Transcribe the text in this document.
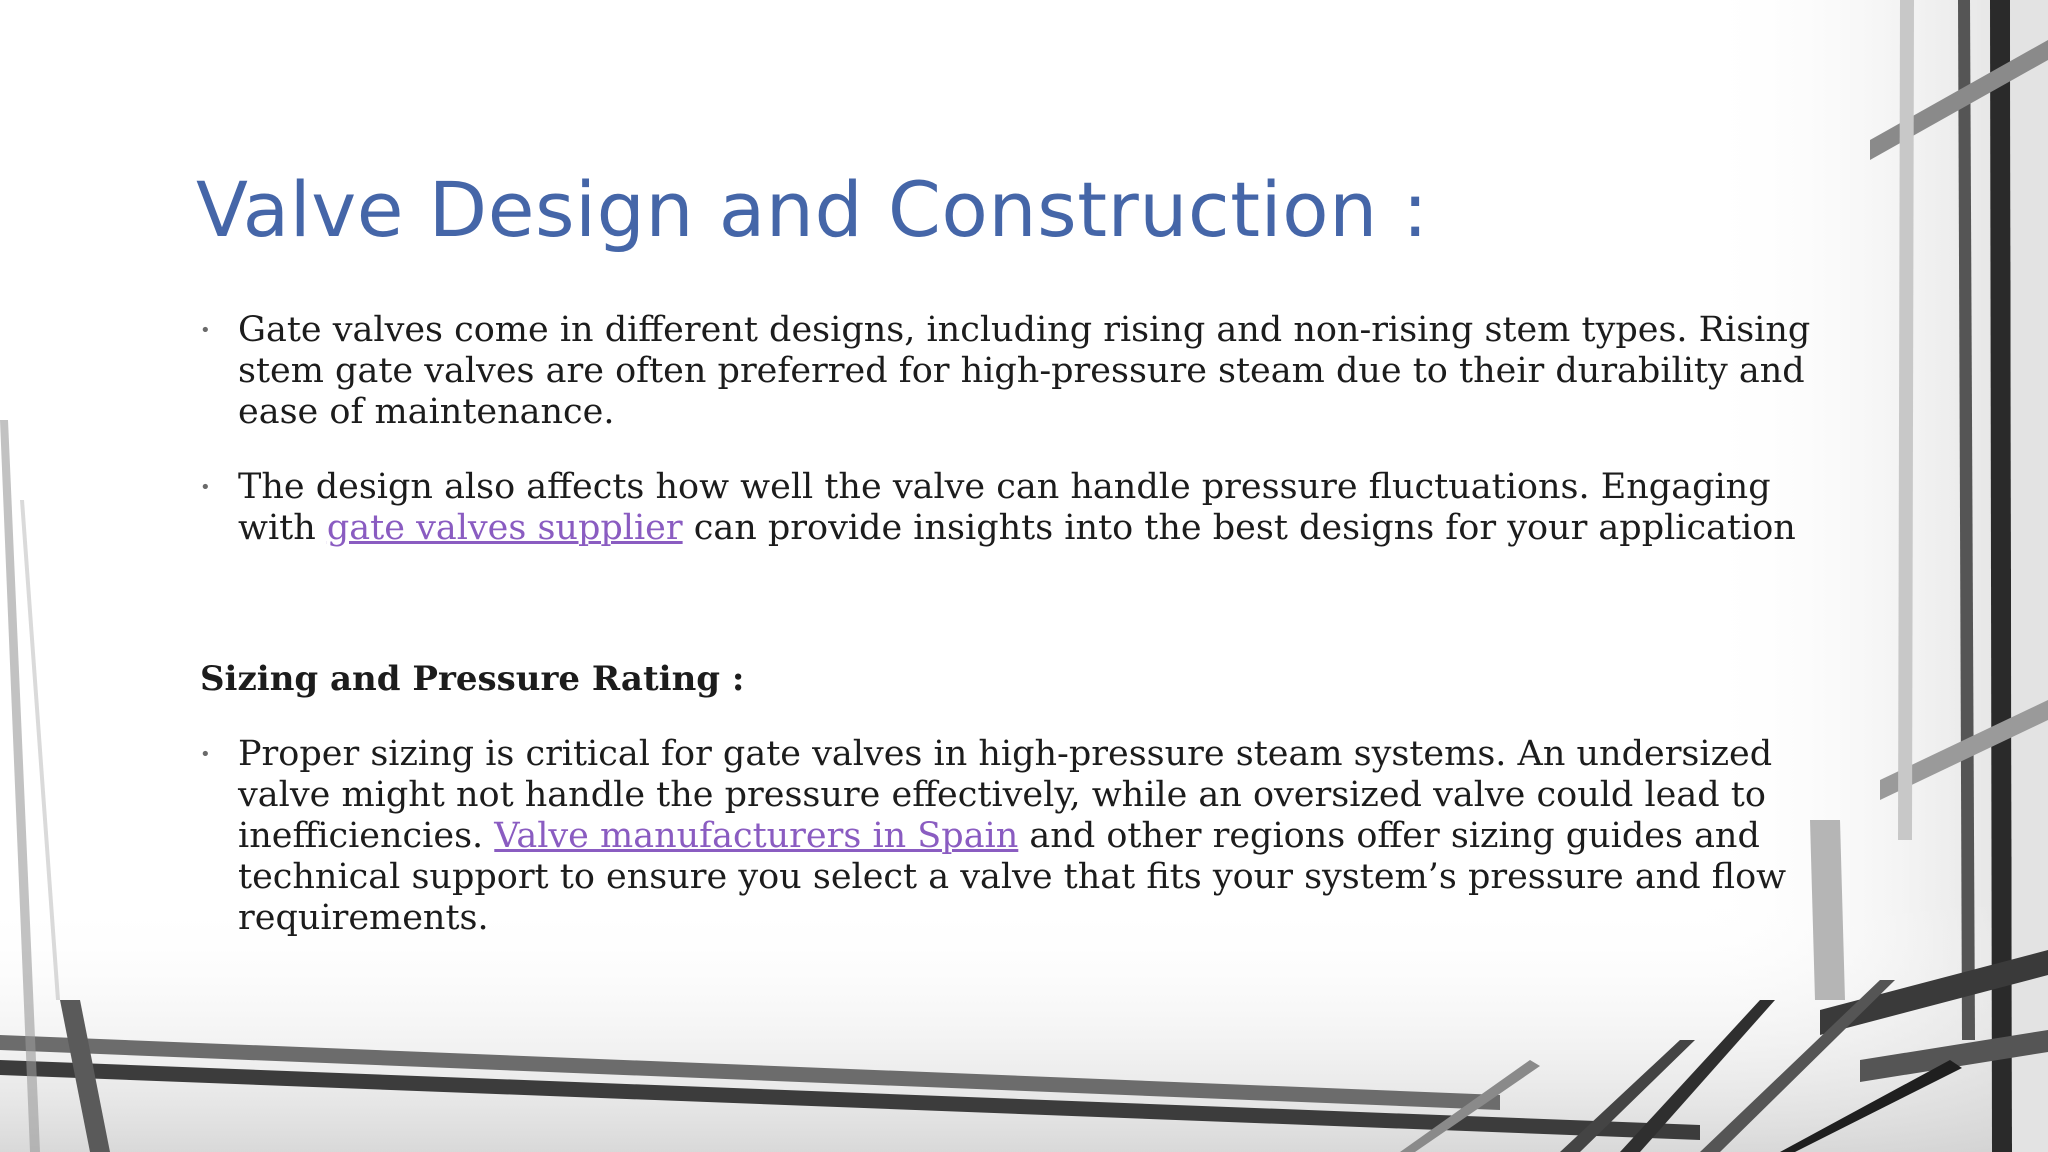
Valve Design and Construction :
• Gate valves come in different designs, including rising and non-rising stem types. Rising stem gate valves are often preferred for high-pressure steam due to their durability and ease of maintenance.
• The design also affects how well the valve can handle pressure fluctuations. Engaging with gate valves supplier can provide insights into the best designs for your application
Sizing and Pressure Rating :
• Proper sizing is critical for gate valves in high-pressure steam systems. An undersized valve might not handle the pressure effectively, while an oversized valve could lead to inefficiencies. Valve manufacturers in Spain and other regions offer sizing guides and technical support to ensure you select a valve that fits your system’s pressure and flow requirements.
